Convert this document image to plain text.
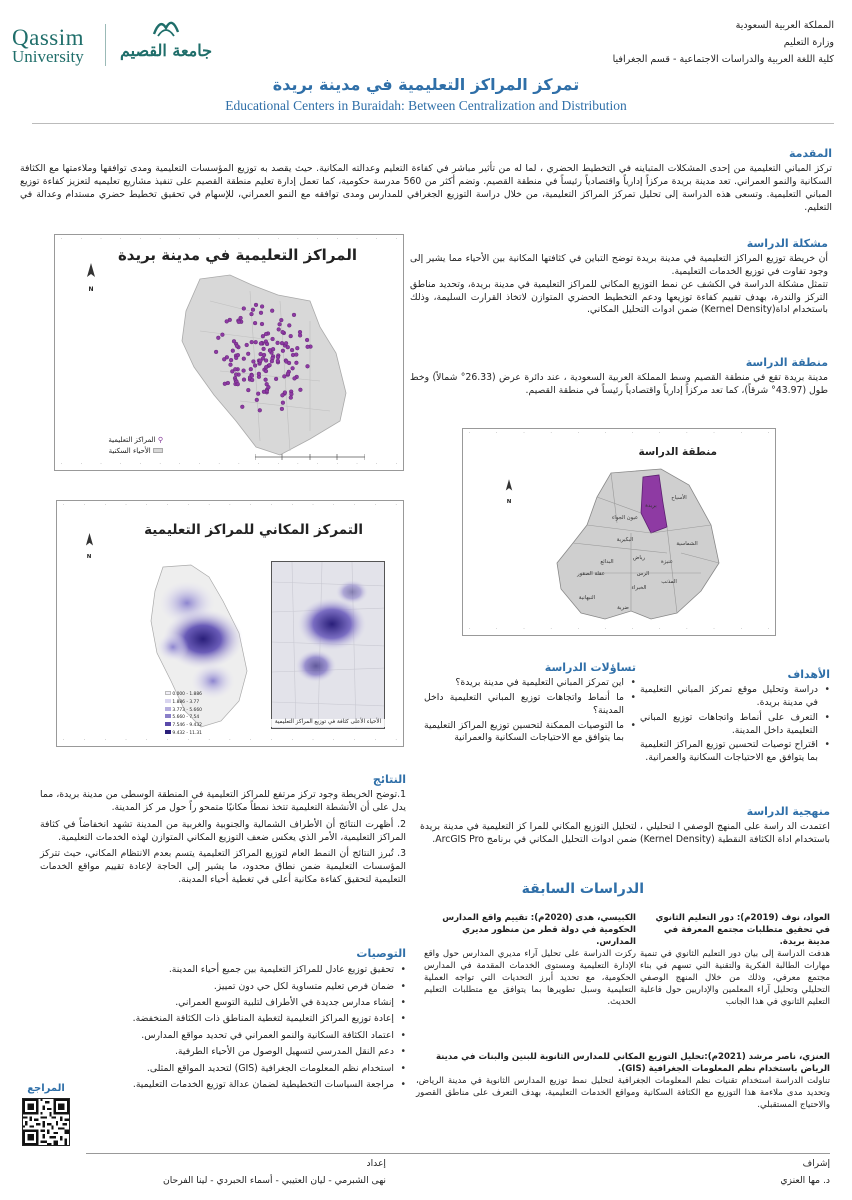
Qassim
University جامعة القصيم
المملكة العربية السعودية
وزارة التعليم
كلية اللغة العربية والدراسات الاجتماعية - قسم الجغرافيا
تمركز المراكز التعليمية في مدينة بريدة
Educational Centers in Buraidah: Between Centralization and Distribution
المقدمة
تركز المباني التعليمية من إحدى المشكلات المتباينه في التخطيط الحضري ، لما له من تأثير مباشر في كفاءة التعليم وعدالته المكانية. حيث يقصد به توزيع المؤسسات التعليمية ومدى توافقها وملاءمتها مع الكثافة السكانية والنمو العمراني. تعد مدينة بريدة مركزاً إدارياً واقتصادياً رئيساً في منطقة القصيم. وتضم أكثر من 560 مدرسة حكومية، كما تعمل إدارة تعليم منطقة القصيم على تنفيذ مشاريع تعليميه لتعزيز كفاءة توزيع المباني التعليمية. وتسعى هذه الدراسة إلى تحليل تمركز المراكز التعليمية، من خلال دراسة التوزيع الجغرافي للمدارس ومدى توافقه مع النمو العمراني، للإسهام في تحقيق تخطيط حضري مستدام وعدالة في التعليم.
·	·	·	·	·	·	·	·	·	·	·	·	·	·	·	·	·	·
المراكز التعليمية في مدينة بريدة
N
⚲ المراكز التعليمية
الأحياء السكنية
·	·	·	·	·	·	·	·	·	·	·	·	·	·	·	·	·	·
مشكلة الدراسة
أن خريطة توزيع المراكز التعليمية في مدينة بريدة توضح التباين في كثافتها المكانية بين الأحياء مما يشير إلى وجود تفاوت في توزيع الخدمات التعليمية.
تتمثل مشكلة الدراسة في الكشف عن نمط التوزيع المكاني للمراكز التعليمية في مدينة بريدة، وتحديد مناطق التركز والندرة، بهدف تقييم كفاءة توزيعها ودعم التخطيط الحضري المتوازن لاتخاذ القرارت السليمة، وذلك باستخدام اداة(Kernel Density) ضمن ادوات التحليل المكاني.
منطقة الدراسة
مدينة بريدة تقع في منطقة القصيم وسط المملكة العربية السعودية ، عند دائرة عرض (26.33° شمالاً) وخط طول (43.97° شرقاً)، كما تعد مركزاً إدارياً واقتصادياً رئيساً في منطقة القصيم.
·	·	·	·	·	·	·	·	·	·	·	·
منطقة الدراسة
N
الأسياح
بريدة
عيون الجواء
البكيرية
الشماسية
عنيزة
الرس
البدائع
المذنب
النبهانية
عقلة الصقور
ضرية
الخبراء
رياض
·	·	·	·	·	·	·	·	·	·	·	·
·	·	·	·	·	·	·	·	·	·	·	·	·	·	·	·	·
التمركز المكاني للمراكز التعليمية
N
0.000 - 1.886
1.886 - 3.77
3.773 - 5.660
5.660 - 7.54
7.546 - 9.432
9.432 - 11.31
الأحياء الأعلى كثافة في توزيع المراكز التعليمية
·	·	·	·	·	·	·	·	·	·	·	·	·	·	·	·	·
تساؤلات الدراسة
• اين تمركز المباني التعليمية في مدينة بريدة؟
• ما أنماط واتجاهات توزيع المباني التعليمية داخل المدينة؟
• ما التوصيات الممكنة لتحسين توزيع المراكز التعليمية بما يتوافق مع الاحتياجات السكانية والعمرانية
الأهداف
• دراسة وتحليل موقع تمركز المباني التعليمية في مدينة بريدة.
• التعرف على أنماط واتجاهات توزيع المباني التعليمية داخل المدينة.
• اقتراح توصيات لتحسين توزيع المراكز التعليمية بما يتوافق مع الاحتياجات السكانية والعمرانية.
منهجية الدراسة
اعتمدت الد راسة على المنهج الوصفي ا لتحليلي ، لتحليل التوزيع المكاني للمرا كز التعليمية في مدينة بريدة باستخدام اداة الكثافة النقطية (Kernel Density) ضمن ادوات التحليل المكاني في برنامج ArcGIS Pro.
النتائج
1.توضح الخريطة وجود تركز مرتفع للمراكز التعليمية في المنطقة الوسطى من مدينة بريدة، مما يدل على أن الأنشطة التعليمية تتخذ نمطاً مكانيًا متمحو راً حول مر كز المدينة.
2. أظهرت النتائج أن الأطراف الشمالية والجنوبية والغربية من المدينة تشهد انخفاضاً في كثافة المراكز التعليمية، الأمر الذي يعكس ضعف التوزيع المكاني المتوازن لهذه الخدمات التعليمية.
3. تُبرز النتائج أن النمط العام لتوزيع المراكز التعليمية يتسم بعدم الانتظام المكاني، حيث تتركز المؤسسات التعليمية ضمن نطاق محدود، ما يشير إلى الحاجة لإعادة تقييم مواقع الخدمات التعليمية لتحقيق كفاءة مكانية أعلى في تغطية أحياء المدينة.
التوصيات
• تحقيق توزيع عادل للمراكز التعليمية بين جميع أحياء المدينة.
• ضمان فرص تعليم متساوية لكل حي دون تمييز.
• إنشاء مدارس جديدة في الأطراف لتلبية التوسع العمراني.
• إعادة توزيع المراكز التعليمية لتغطية المناطق ذات الكثافة المنخفضة.
• اعتماد الكثافة السكانية والنمو العمراني في تحديد مواقع المدارس.
• دعم النقل المدرسي لتسهيل الوصول من الأحياء الطرفية.
• استخدام نظم المعلومات الجغرافية (GIS) لتحديد المواقع المثلى.
• مراجعة السياسات التخطيطية لضمان عدالة توزيع الخدمات التعليمية.
المراجع
الدراسات السابقة
العواد، نوف (2019م): دور التعليم الثانوي في تحقيق متطلبات مجتمع المعرفة في مدينة بريدة.
هدفت الدراسة إلى بيان دور التعليم الثانوي في تنمية مهارات الطالبة الفكرية والتقنية التي تسهم في بناء مجتمع معرفي، وذلك من خلال المنهج الوصفي التحليلي وتحليل آراء المعلمين والإداريين حول فاعلية التعليم الثانوي في هذا الجانب
الكبيسي، هدى (2020م): تقييم واقع المدارس الحكومية في دولة قطر من منظور مديري المدارس.
ركزت الدراسة على تحليل آراء مديري المدارس حول واقع الإدارة التعليمية ومستوى الخدمات المقدمة في المدارس الحكومية، مع تحديد أبرز التحديات التي تواجه العملية التعليمية وسبل تطويرها بما يتوافق مع متطلبات التعليم الحديث.
العنزي، ناصر مرشد (2021م):تحليل التوزيع المكاني للمدارس الثانوية للبنين والبنات في مدينة الرياض باستخدام نظم المعلومات الجغرافية (GIS).
تناولت الدراسة استخدام تقنيات نظم المعلومات الجغرافية لتحليل نمط توزيع المدارس الثانوية في مدينة الرياض، وتحديد مدى ملاءمة هذا التوزيع مع الكثافة السكانية ومواقع الخدمات التعليمية، بهدف التعرف على مناطق القصور والاحتياج المستقبلي.
إعداد
نهى الشبرمي - ليان العتيبي - أسماء الحبردي - لينا الفرحان
إشراف
د. مها العنزي
